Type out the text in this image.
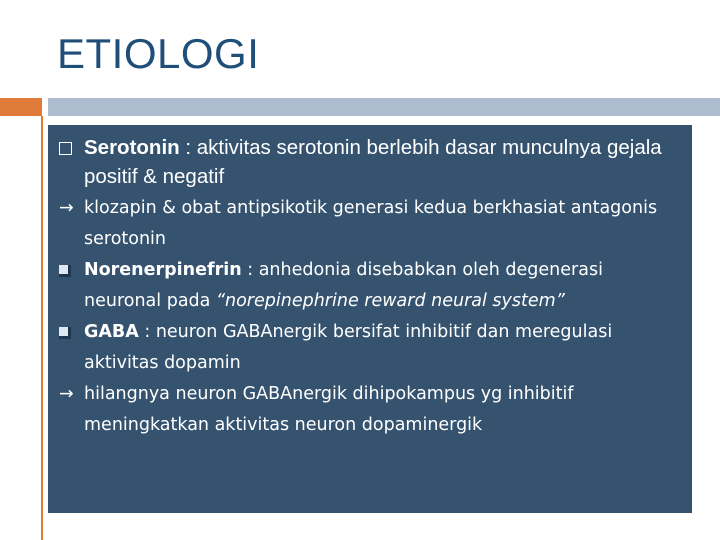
ETIOLOGI
Serotonin : aktivitas serotonin berlebih dasar munculnya gejala positif & negatif
→ klozapin & obat antipsikotik generasi kedua berkhasiat antagonis serotonin
Norenerpinefrin : anhedonia disebabkan oleh degenerasi neuronal pada “norepinephrine reward neural system”
GABA : neuron GABAnergik bersifat inhibitif dan meregulasi aktivitas dopamin
→ hilangnya neuron GABAnergik dihipokampus yg inhibitif meningkatkan aktivitas neuron dopaminergik
